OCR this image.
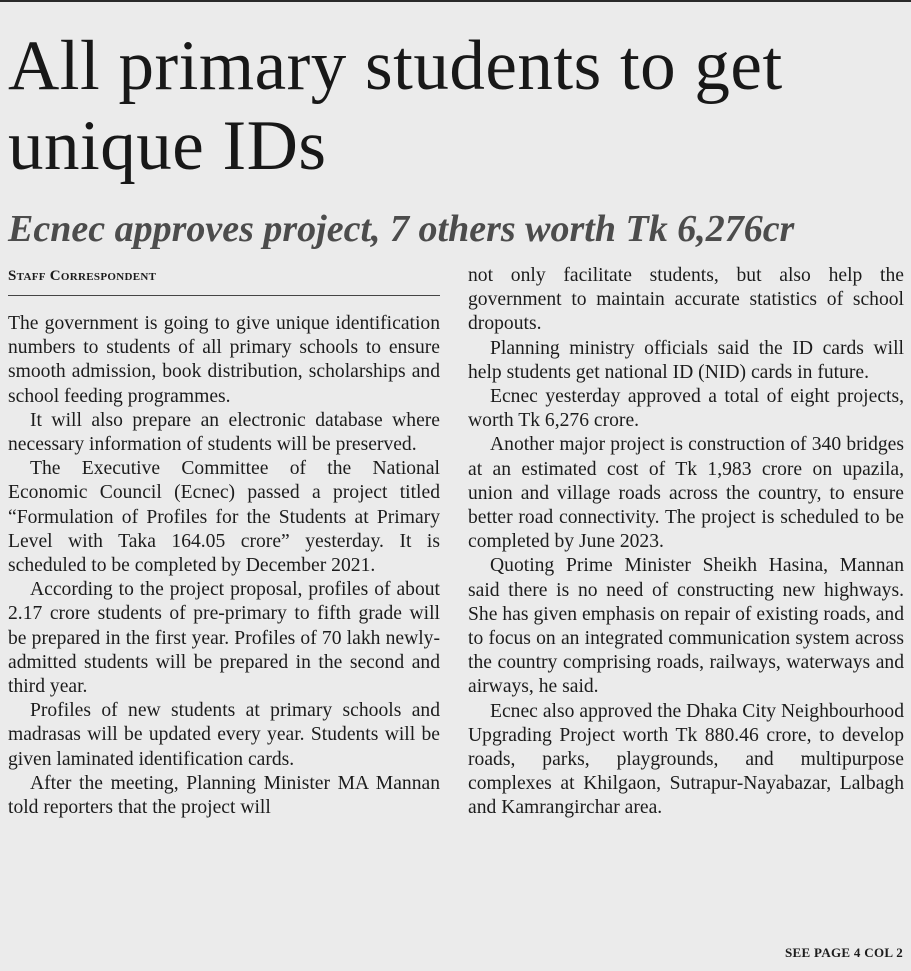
All primary students to get unique IDs
Ecnec approves project, 7 others worth Tk 6,276cr
Staff Correspondent

The government is going to give unique identification numbers to students of all primary schools to ensure smooth admission, book distribution, scholarships and school feeding programmes.

It will also prepare an electronic database where necessary information of students will be preserved.

The Executive Committee of the National Economic Council (Ecnec) passed a project titled “Formulation of Profiles for the Students at Primary Level with Taka 164.05 crore” yesterday. It is scheduled to be completed by December 2021.

According to the project proposal, profiles of about 2.17 crore students of pre-primary to fifth grade will be prepared in the first year. Profiles of 70 lakh newly-admitted students will be prepared in the second and third year.

Profiles of new students at primary schools and madrasas will be updated every year. Students will be given laminated identification cards.

After the meeting, Planning Minister MA Mannan told reporters that the project will

not only facilitate students, but also help the government to maintain accurate statistics of school dropouts.

Planning ministry officials said the ID cards will help students get national ID (NID) cards in future.

Ecnec yesterday approved a total of eight projects, worth Tk 6,276 crore.

Another major project is construction of 340 bridges at an estimated cost of Tk 1,983 crore on upazila, union and village roads across the country, to ensure better road connectivity. The project is scheduled to be completed by June 2023.

Quoting Prime Minister Sheikh Hasina, Mannan said there is no need of constructing new highways. She has given emphasis on repair of existing roads, and to focus on an integrated communication system across the country comprising roads, railways, waterways and airways, he said.

Ecnec also approved the Dhaka City Neighbourhood Upgrading Project worth Tk 880.46 crore, to develop roads, parks, playgrounds, and multipurpose complexes at Khilgaon, Sutrapur-Nayabazar, Lalbagh and Kamrangirchar area.

SEE PAGE 4 COL 2
